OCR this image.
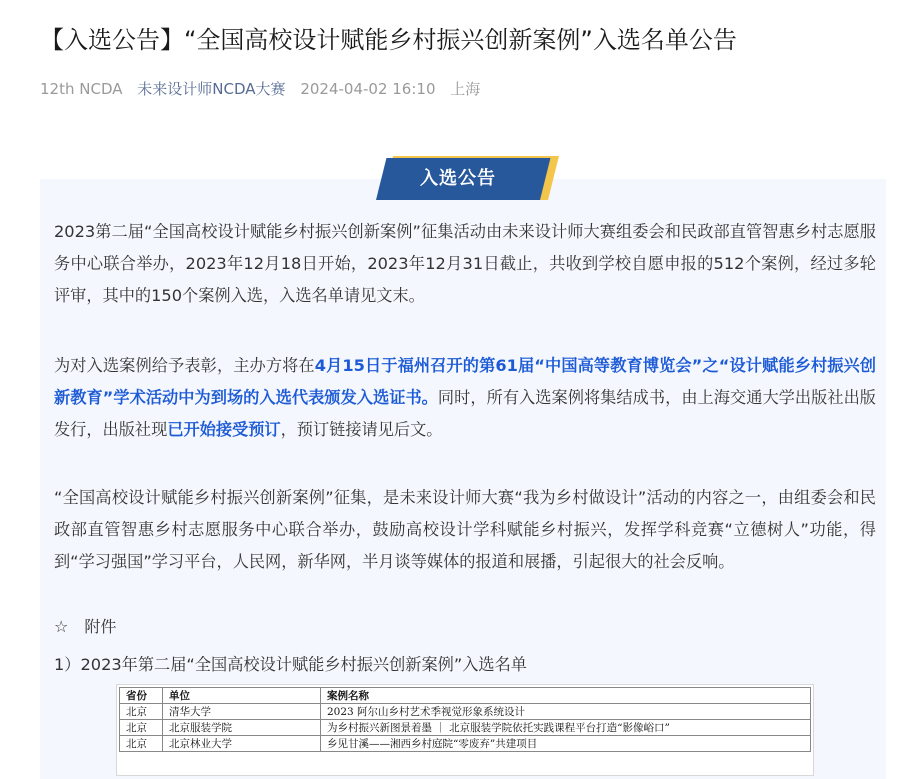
【入选公告】“全国高校设计赋能乡村振兴创新案例”入选名单公告
12th NCDA 未来设计师NCDA大赛 2024-04-02 16:10 上海
入选公告

2023第二届“全国高校设计赋能乡村振兴创新案例”征集活动由未来设计师大赛组委会和民政部直管智惠乡村志愿服务中心联合举办，2023年12月18日开始，2023年12月31日截止，共收到学校自愿申报的512个案例，经过多轮评审，其中的150个案例入选，入选名单请见文末。

为对入选案例给予表彰，主办方将在4月15日于福州召开的第61届“中国高等教育博览会”之“设计赋能乡村振兴创新教育”学术活动中为到场的入选代表颁发入选证书。同时，所有入选案例将集结成书，由上海交通大学出版社出版发行，出版社现已开始接受预订，预订链接请见后文。

“全国高校设计赋能乡村振兴创新案例”征集，是未来设计师大赛“我为乡村做设计”活动的内容之一，由组委会和民政部直管智惠乡村志愿服务中心联合举办，鼓励高校设计学科赋能乡村振兴，发挥学科竞赛“立德树人”功能，得到“学习强国”学习平台，人民网，新华网，半月谈等媒体的报道和展播，引起很大的社会反响。

☆ 附件
1）2023年第二届“全国高校设计赋能乡村振兴创新案例”入选名单
省份	单位	案例名称
北京	清华大学	2023 阿尔山乡村艺术季视觉形象系统设计
北京	北京服装学院	为乡村振兴新图景着墨 ｜ 北京服装学院依托实践课程平台打造“影像峪口”
北京	北京林业大学	乡见甘溪——湘西乡村庭院“零废弃”共建项目
